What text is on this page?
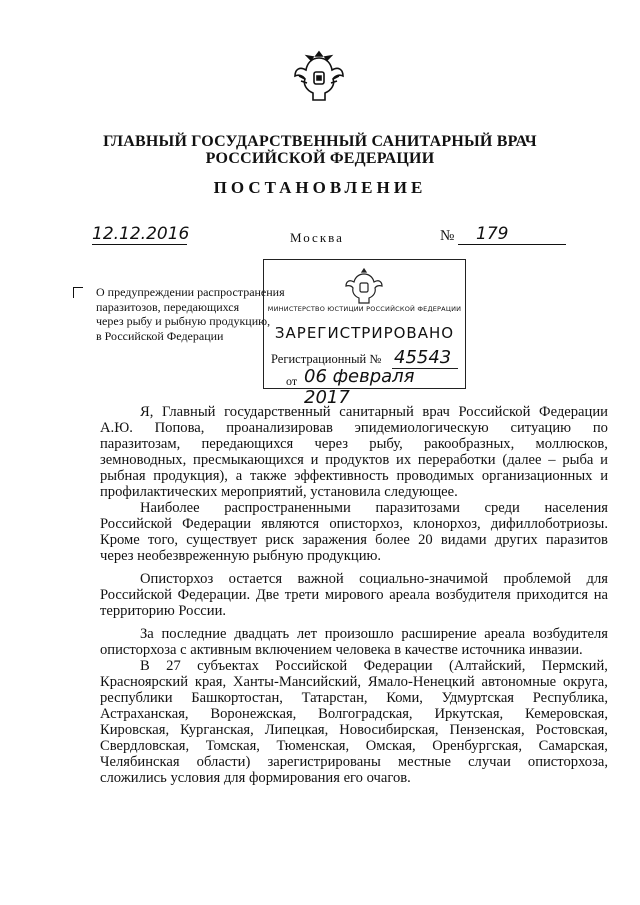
ГЛАВНЫЙ ГОСУДАРСТВЕННЫЙ САНИТАРНЫЙ ВРАЧ
РОССИЙСКОЙ ФЕДЕРАЦИИ
ПОСТАНОВЛЕНИЕ
12.12.2016	Москва	№	179
О предупреждении распространения
паразитозов, передающихся
через рыбу и рыбную продукцию,
в Российской Федерации
МИНИСТЕРСТВО ЮСТИЦИИ РОССИЙСКОЙ ФЕДЕРАЦИИ
ЗАРЕГИСТРИРОВАНО
Регистрационный № 45543
от 06 февраля 2017
Я, Главный государственный санитарный врач Российской Федерации
А.Ю. Попова, проанализировав эпидемиологическую ситуацию по
паразитозам, передающихся через рыбу, ракообразных, моллюсков,
земноводных, пресмыкающихся и продуктов их переработки (далее – рыба и
рыбная продукция), а также эффективность проводимых организационных и
профилактических мероприятий, установила следующее.
Наиболее распространенными паразитозами среди населения
Российской Федерации являются описторхоз, клонорхоз, дифиллоботриозы.
Кроме того, существует риск заражения более 20 видами других паразитов
через необезвреженную рыбную продукцию.
Описторхоз остается важной социально-значимой проблемой для
Российской Федерации. Две трети мирового ареала возбудителя приходится на
территорию России.
За последние двадцать лет произошло расширение ареала возбудителя
описторхоза с активным включением человека в качестве источника инвазии.
В 27 субъектах Российской Федерации (Алтайский, Пермский,
Красноярский края, Ханты-Мансийский, Ямало-Ненецкий автономные округа,
республики Башкортостан, Татарстан, Коми, Удмуртская Республика,
Астраханская, Воронежская, Волгоградская, Иркутская, Кемеровская,
Кировская, Курганская, Липецкая, Новосибирская, Пензенская, Ростовская,
Свердловская, Томская, Тюменская, Омская, Оренбургская, Самарская,
Челябинская области) зарегистрированы местные случаи описторхоза,
сложились условия для формирования его очагов.
